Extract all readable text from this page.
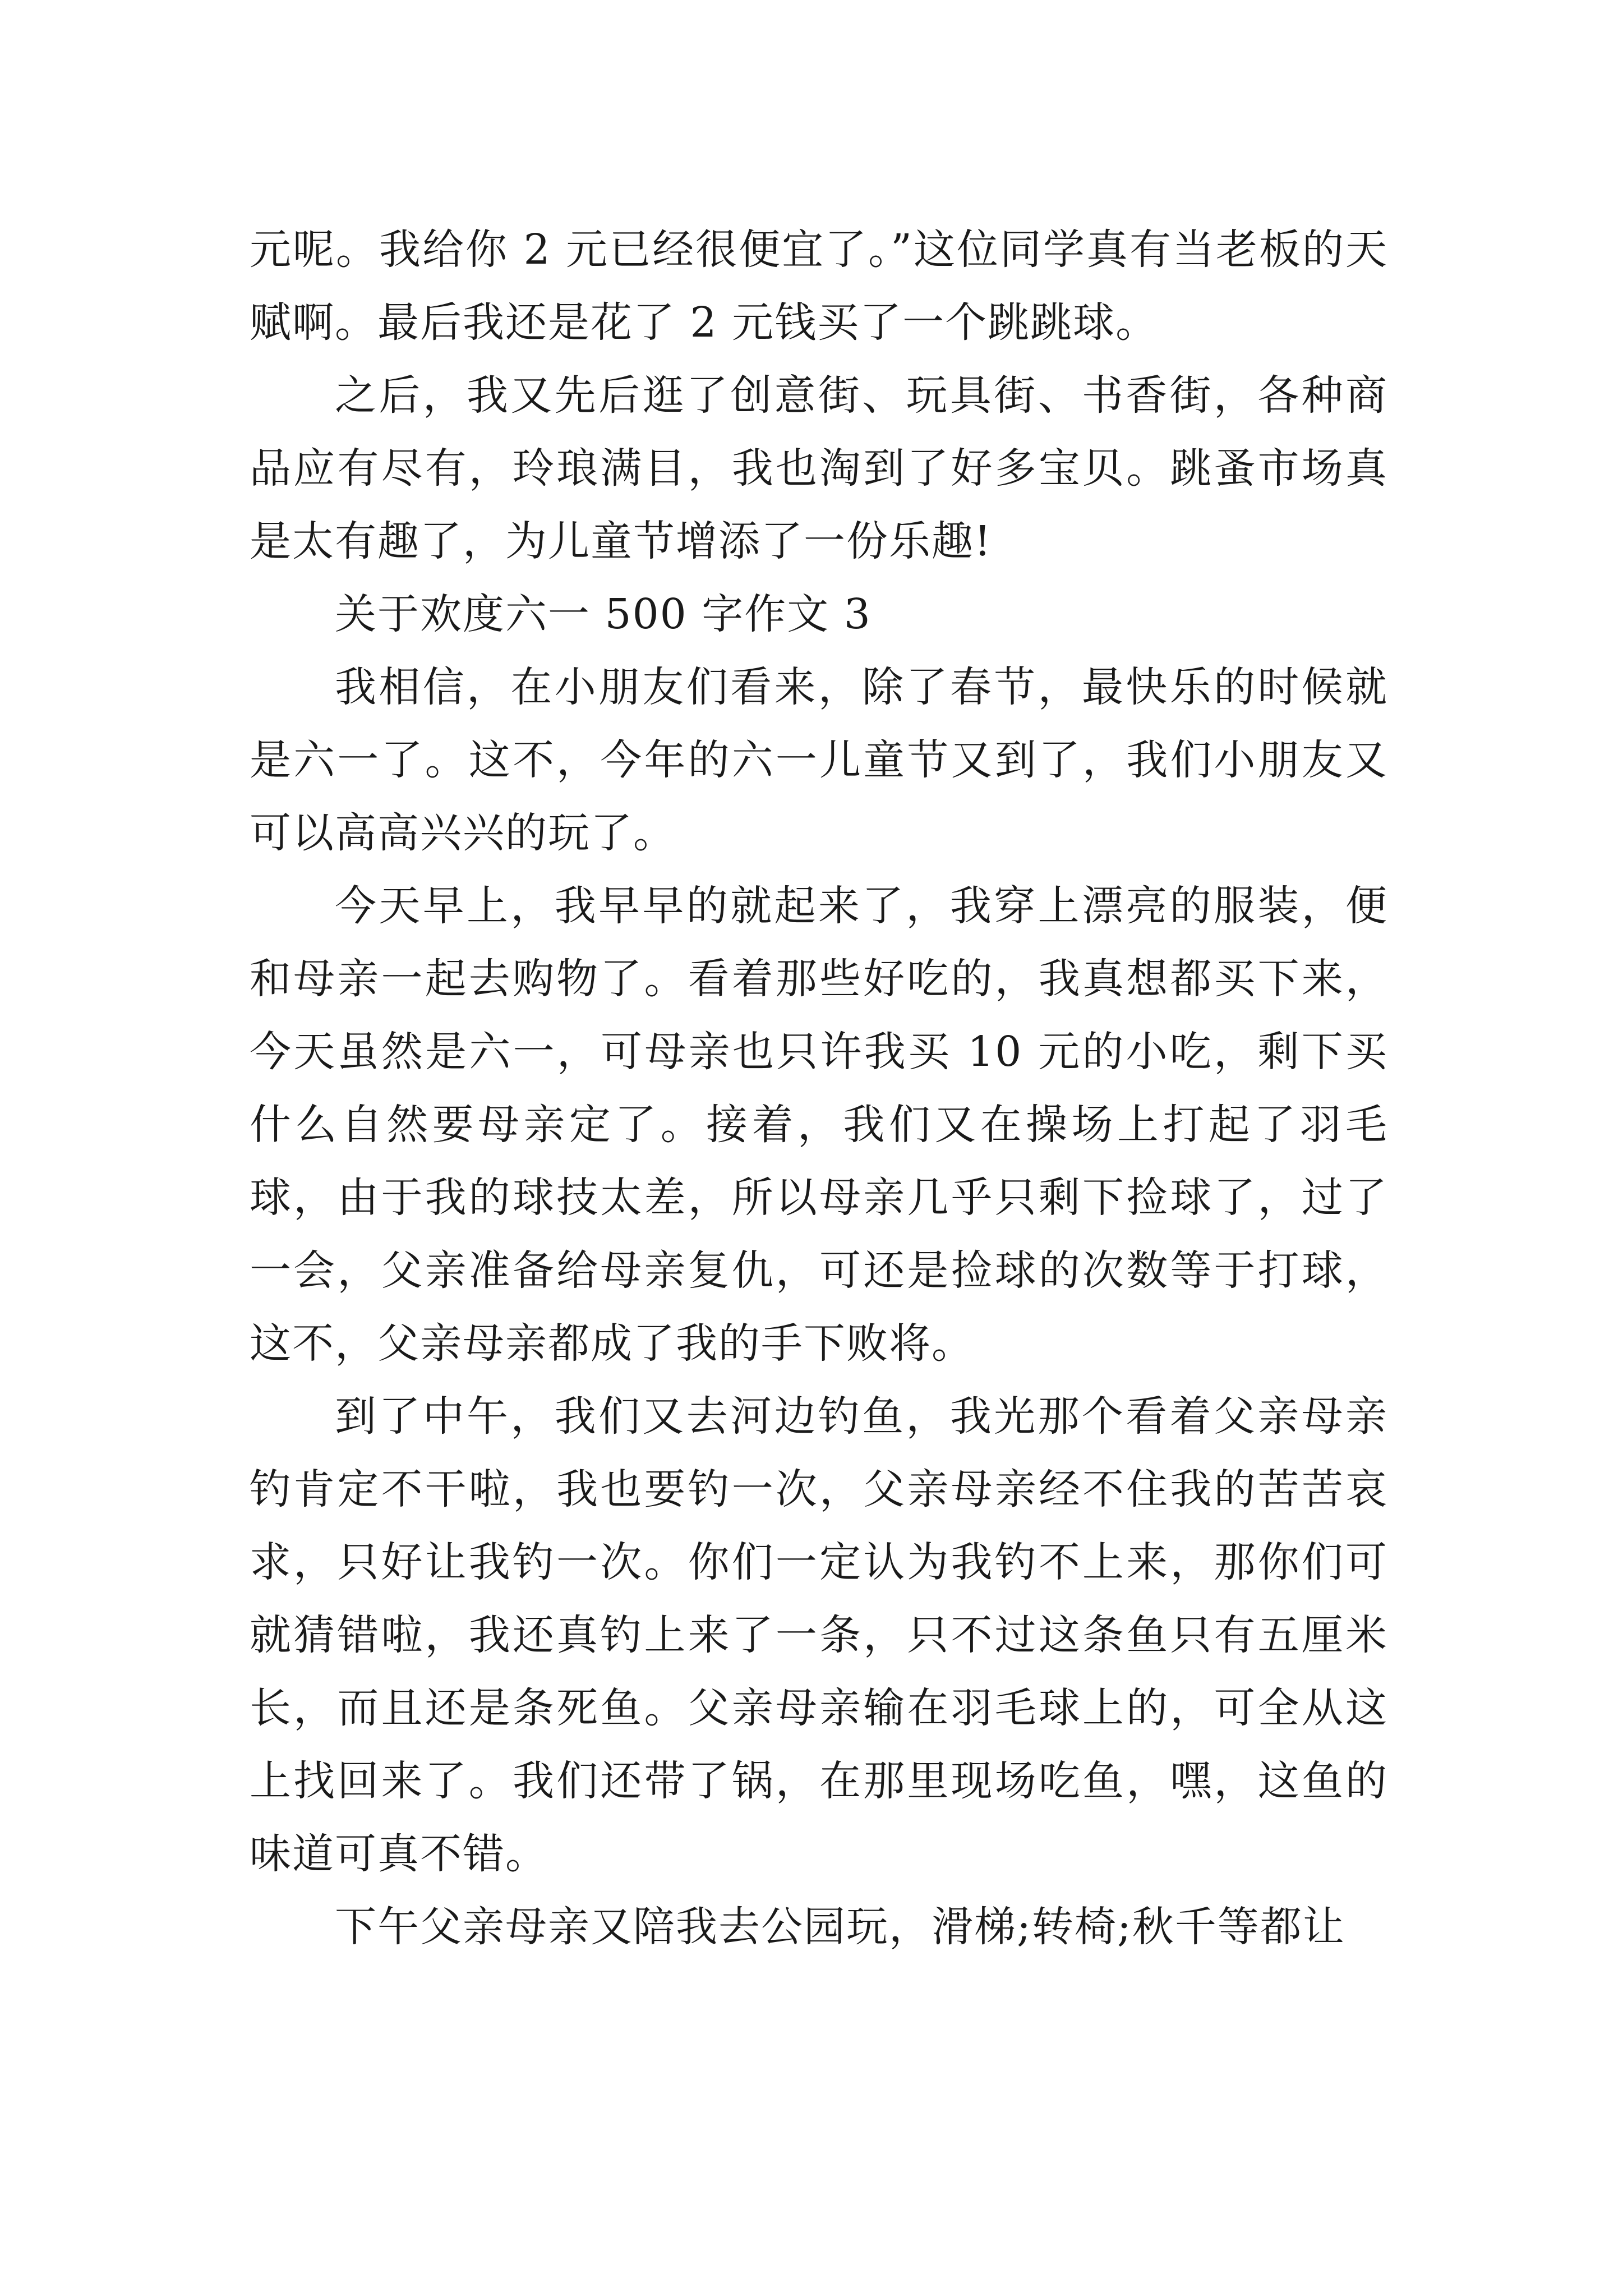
元呢。我给你 2 元已经很便宜了。”这位同学真有当老板的天赋啊。最后我还是花了 2 元钱买了一个跳跳球。

之后，我又先后逛了创意街、玩具街、书香街，各种商品应有尽有，玲琅满目，我也淘到了好多宝贝。跳蚤市场真是太有趣了，为儿童节增添了一份乐趣!

关于欢度六一 500 字作文 3

我相信，在小朋友们看来，除了春节，最快乐的时候就是六一了。这不，今年的六一儿童节又到了，我们小朋友又可以高高兴兴的玩了。

今天早上，我早早的就起来了，我穿上漂亮的服装，便和母亲一起去购物了。看着那些好吃的，我真想都买下来，今天虽然是六一，可母亲也只许我买 10 元的小吃，剩下买什么自然要母亲定了。接着，我们又在操场上打起了羽毛球，由于我的球技太差，所以母亲几乎只剩下捡球了，过了一会，父亲准备给母亲复仇，可还是捡球的次数等于打球，这不，父亲母亲都成了我的手下败将。

到了中午，我们又去河边钓鱼，我光那个看着父亲母亲钓肯定不干啦，我也要钓一次，父亲母亲经不住我的苦苦哀求，只好让我钓一次。你们一定认为我钓不上来，那你们可就猜错啦，我还真钓上来了一条，只不过这条鱼只有五厘米长，而且还是条死鱼。父亲母亲输在羽毛球上的，可全从这上找回来了。我们还带了锅，在那里现场吃鱼，嘿，这鱼的味道可真不错。

下午父亲母亲又陪我去公园玩，滑梯;转椅;秋千等都让
